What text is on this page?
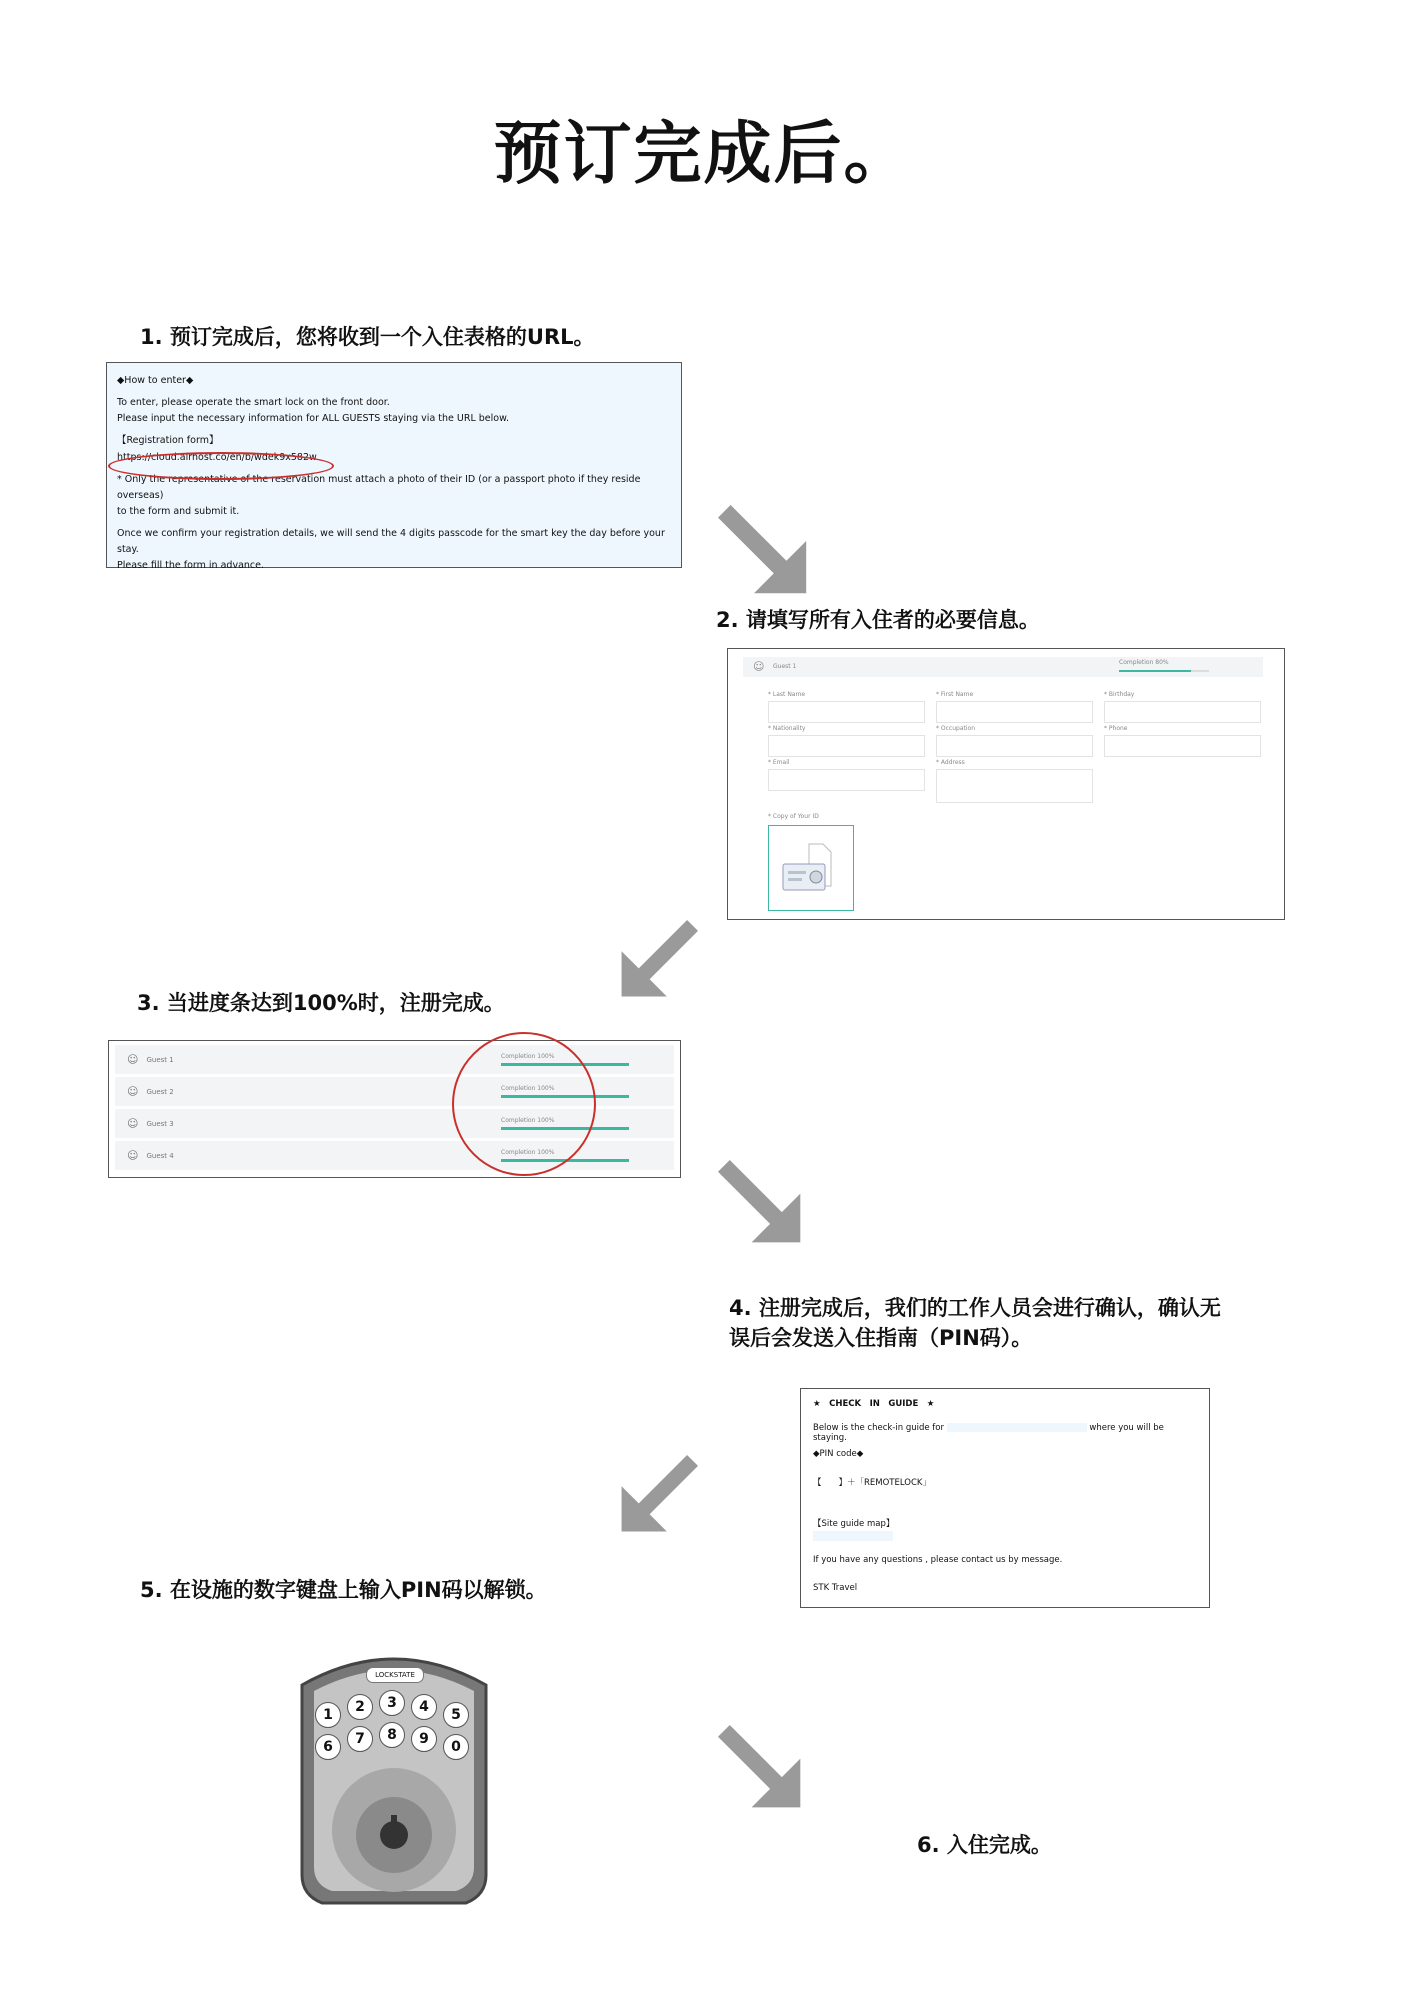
预订完成后。
1. 预订完成后，您将收到一个入住表格的URL。

◆How to enter◆

To enter, please operate the smart lock on the front door.

Please input the necessary information for ALL GUESTS staying via the URL below.

【Registration form】
https://cloud.airhost.co/en/b/wdek9x582w
* Only the representative of the reservation must attach a photo of their ID (or a passport photo if they reside overseas)

to the form and submit it.

Once we confirm your registration details, we will send the 4 digits passcode for the smart key the day before your stay.
Please fill the form in advance.
2. 请填写所有入住者的必要信息。
☺ Guest 1
Completion 80%
* Last Name	* First Name	* Birthday
* Nationality	* Occupation	* Phone
* Email	* Address
* Copy of Your ID
3. 当进度条达到100%时，注册完成。
☺ Guest 1	Completion 100%
☺ Guest 2	Completion 100%
☺ Guest 3	Completion 100%
☺ Guest 4	Completion 100%
4. 注册完成后，我们的工作人员会进行确认，确认无
误后会发送入住指南（PIN码）。
★　CHECK　IN　GUIDE　★
Below is the check-in guide for	where you will be staying.
◆PIN code◆
【　　】＋「REMOTELOCK」
【Site guide map】
If you have any questions , please contact us by message.
STK Travel
5. 在设施的数字键盘上输入PIN码以解锁。
LOCKSTATE
1	2	3	4	5
6	7	8	9	0
6. 入住完成。
